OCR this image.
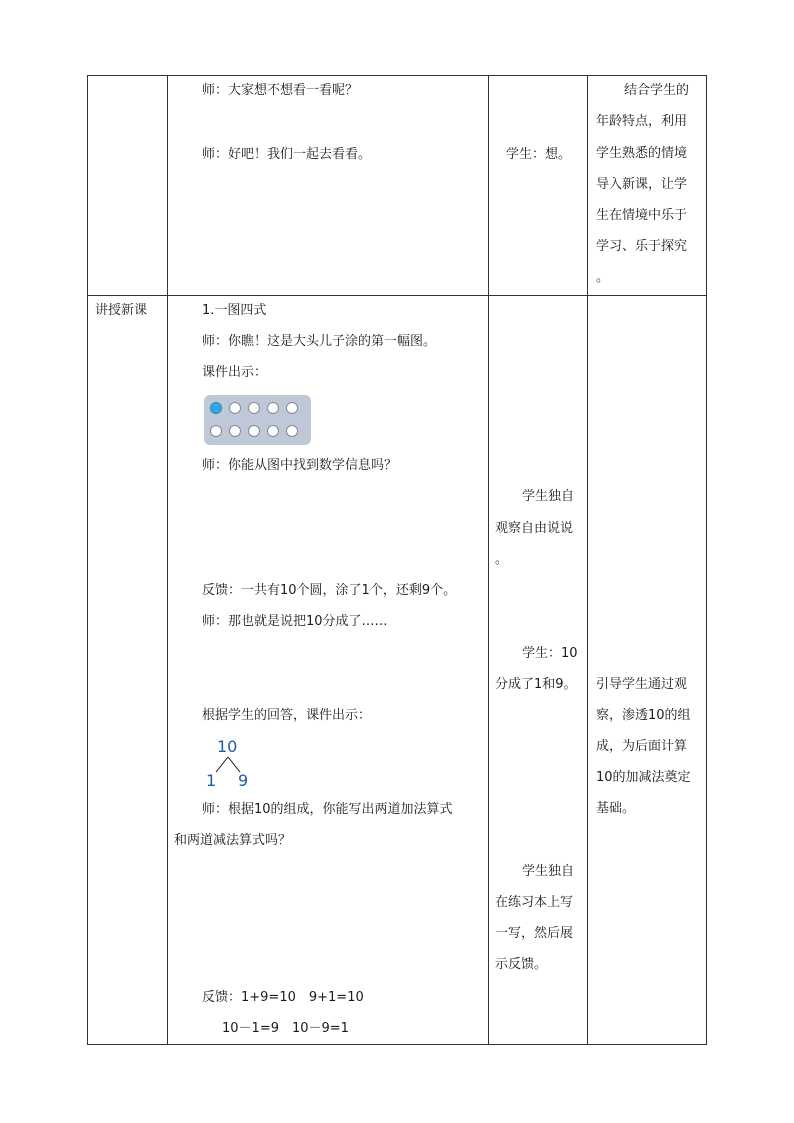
师：大家想不想看一看呢？
师：好吧！我们一起去看看。	学生：想。
结合学生的
年龄特点，利用
学生熟悉的情境
导入新课，让学
生在情境中乐于
学习、乐于探究
。
讲授新课	1.一图四式
师：你瞧！这是大头儿子涂的第一幅图。
课件出示：
师：你能从图中找到数学信息吗？
反馈：一共有10个圆，涂了1个，还剩9个。
师：那也就是说把10分成了……
根据学生的回答，课件出示：
10
1 9
师：根据10的组成，你能写出两道加法算式
和两道减法算式吗？
反馈：1+9=10　9+1=10
10－1=9　10－9=1
学生独自
观察自由说说
。
学生：10
分成了1和9。
学生独自
在练习本上写
一写，然后展
示反馈。
引导学生通过观
察，渗透10的组
成，为后面计算
10的加减法奠定
基础。
